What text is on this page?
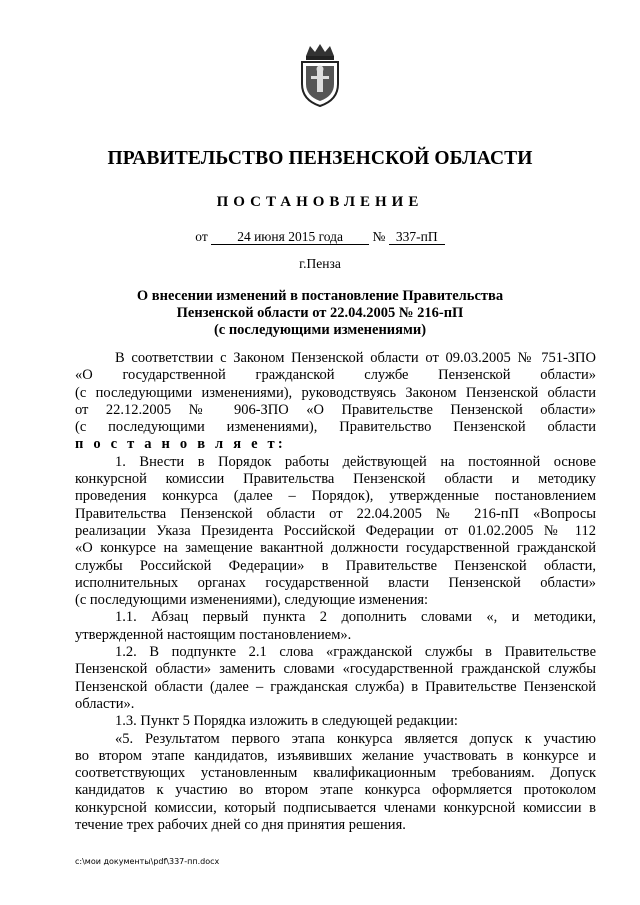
ПРАВИТЕЛЬСТВО ПЕНЗЕНСКОЙ ОБЛАСТИ
ПОСТАНОВЛЕНИЕ
от 24 июня 2015 года № 337-пП
г.Пенза
О внесении изменений в постановление Правительства
Пензенской области от 22.04.2005 № 216-пП
(с последующими изменениями)

В соответствии с Законом Пензенской области от 09.03.2005 № 751-ЗПО

«О государственной гражданской службе Пензенской области»

(с последующими изменениями), руководствуясь Законом Пензенской области

от 22.12.2005 № 906-ЗПО «О Правительстве Пензенской области»

(с последующими изменениями), Правительство Пензенской области

п о с т а н о в л я е т:

1. Внести в Порядок работы действующей на постоянной основе

конкурсной комиссии Правительства Пензенской области и методику

проведения конкурса (далее – Порядок), утвержденные постановлением

Правительства Пензенской области от 22.04.2005 № 216-пП «Вопросы

реализации Указа Президента Российской Федерации от 01.02.2005 № 112

«О конкурсе на замещение вакантной должности государственной гражданской

службы Российской Федерации» в Правительстве Пензенской области,

исполнительных органах государственной власти Пензенской области»

(с последующими изменениями), следующие изменения:

1.1. Абзац первый пункта 2 дополнить словами «, и методики,

утвержденной настоящим постановлением».

1.2. В подпункте 2.1 слова «гражданской службы в Правительстве

Пензенской области» заменить словами «государственной гражданской службы

Пензенской области (далее – гражданская служба) в Правительстве Пензенской

области».

1.3. Пункт 5 Порядка изложить в следующей редакции:

«5. Результатом первого этапа конкурса является допуск к участию

во втором этапе кандидатов, изъявивших желание участвовать в конкурсе и

соответствующих установленным квалификационным требованиям. Допуск

кандидатов к участию во втором этапе конкурса оформляется протоколом

конкурсной комиссии, который подписывается членами конкурсной комиссии в

течение трех рабочих дней со дня принятия решения.

c:\мои документы\pdf\337-пп.docx
